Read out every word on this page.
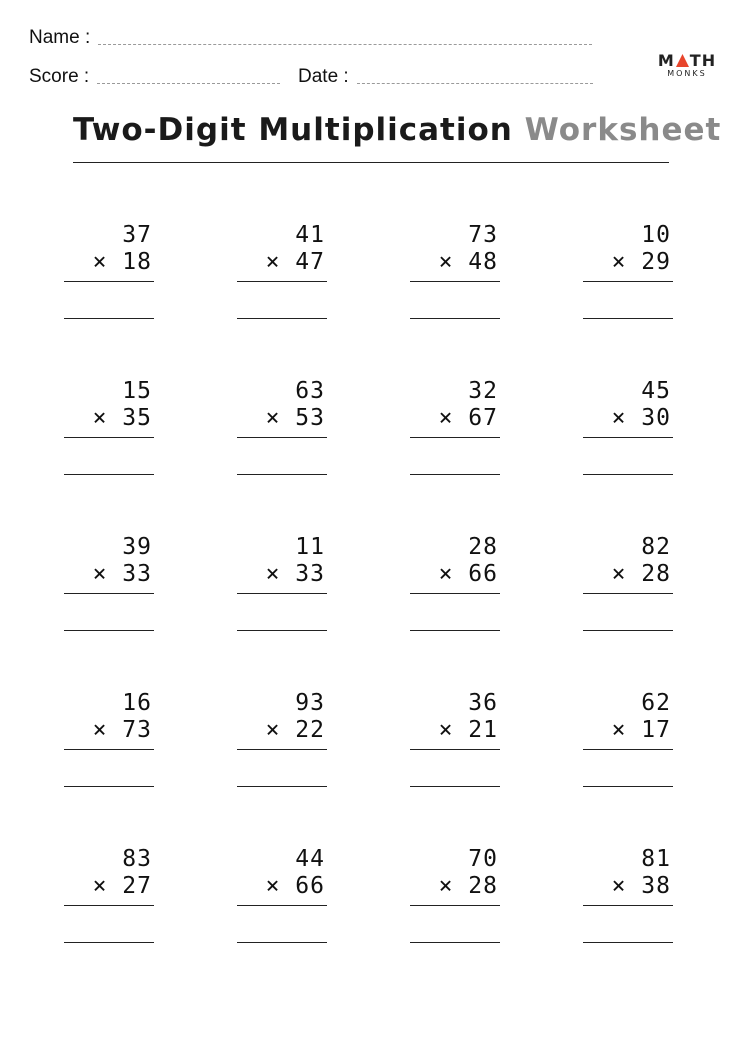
Name :
Score :	Date :
M TH
MONKS
Two-Digit Multiplication Worksheet
37
× 18
41
× 47
73
× 48
10
× 29
15
× 35
63
× 53
32
× 67
45
× 30
39
× 33
11
× 33
28
× 66
82
× 28
16
× 73
93
× 22
36
× 21
62
× 17
83
× 27
44
× 66
70
× 28
81
× 38
